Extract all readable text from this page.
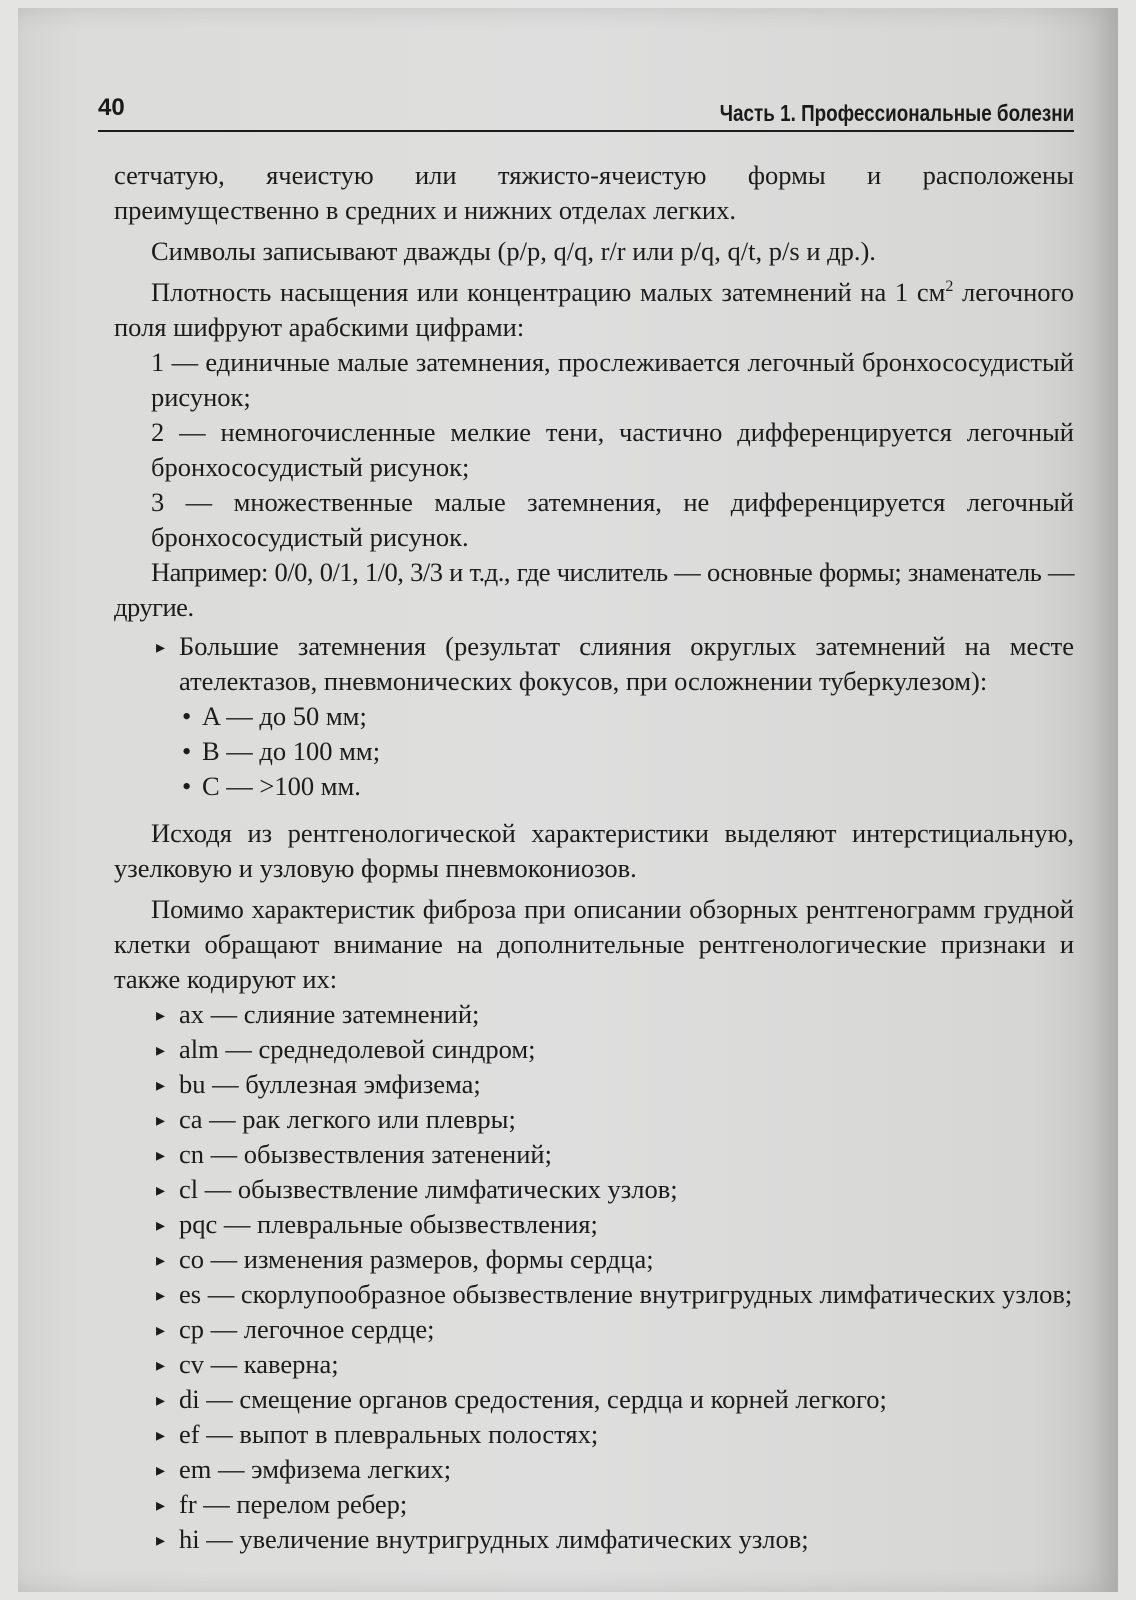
40	Часть 1. Профессиональные болезни

сетчатую, ячеистую или тяжисто-ячеистую формы и расположены преимущественно в средних и нижних отделах легких.

Символы записывают дважды (p/p, q/q, r/r или p/q, q/t, p/s и др.).

Плотность насыщения или концентрацию малых затемнений на 1 $см^2$ легочного поля шифруют арабскими цифрами:

1 — единичные малые затемнения, прослеживается легочный бронхососудистый рисунок;

2 — немногочисленные мелкие тени, частично дифференцируется легочный бронхососудистый рисунок;

3 — множественные малые затемнения, не дифференцируется легочный бронхососудистый рисунок.

Например: 0/0, 0/1, 1/0, 3/3 и т.д., где числитель — основные формы; знаменатель — другие.

▸ Большие затемнения (результат слияния округлых затемнений на месте ателектазов, пневмонических фокусов, при осложнении туберкулезом):
• A — до 50 мм;
• B — до 100 мм;
• C — >100 мм.

Исходя из рентгенологической характеристики выделяют интерстициальную, узелковую и узловую формы пневмокониозов.

Помимо характеристик фиброза при описании обзорных рентгенограмм грудной клетки обращают внимание на дополнительные рентгенологические признаки и также кодируют их:

▸ ax — слияние затемнений;
▸ alm — среднедолевой синдром;
▸ bu — буллезная эмфизема;
▸ ca — рак легкого или плевры;
▸ cn — обызвествления затенений;
▸ cl — обызвествление лимфатических узлов;
▸ pqc — плевральные обызвествления;
▸ co — изменения размеров, формы сердца;
▸ es — скорлупообразное обызвествление внутригрудных лимфатических узлов;
▸ cp — легочное сердце;
▸ cv — каверна;
▸ di — смещение органов средостения, сердца и корней легкого;
▸ ef — выпот в плевральных полостях;
▸ em — эмфизема легких;
▸ fr — перелом ребер;
▸ hi — увеличение внутригрудных лимфатических узлов;
